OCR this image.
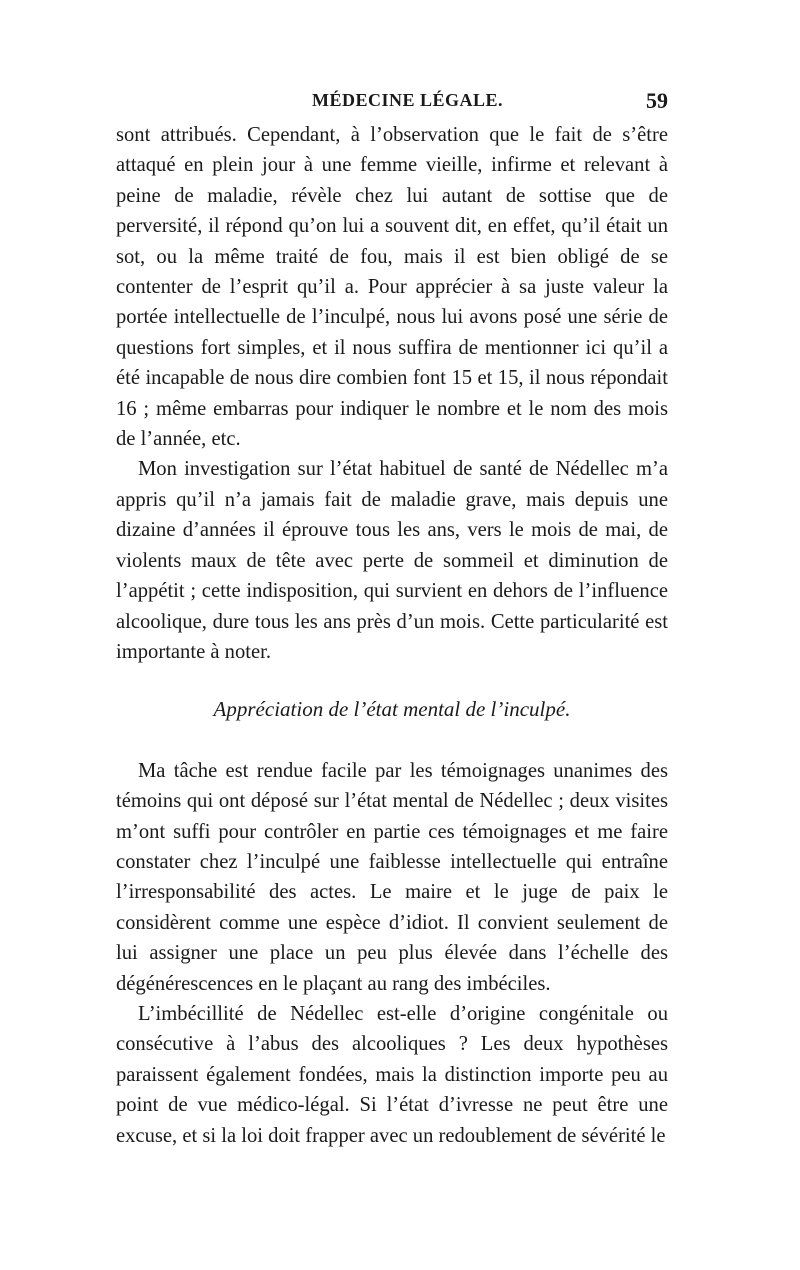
MÉDECINE LÉGALE.	59

sont attribués. Cependant, à l’observation que le fait de s’être attaqué en plein jour à une femme vieille, infirme et relevant à peine de maladie, révèle chez lui autant de sottise que de perversité, il répond qu’on lui a souvent dit, en effet, qu’il était un sot, ou la même traité de fou, mais il est bien obligé de se contenter de l’esprit qu’il a. Pour apprécier à sa juste valeur la portée intellectuelle de l’inculpé, nous lui avons posé une série de questions fort simples, et il nous suffira de mentionner ici qu’il a été incapable de nous dire combien font 15 et 15, il nous répondait 16 ; même embarras pour indiquer le nombre et le nom des mois de l’année, etc.

Mon investigation sur l’état habituel de santé de Nédellec m’a appris qu’il n’a jamais fait de maladie grave, mais depuis une dizaine d’années il éprouve tous les ans, vers le mois de mai, de violents maux de tête avec perte de sommeil et diminution de l’appétit ; cette indisposition, qui survient en dehors de l’influence alcoolique, dure tous les ans près d’un mois. Cette particularité est importante à noter.

Appréciation de l’état mental de l’inculpé.

Ma tâche est rendue facile par les témoignages unanimes des témoins qui ont déposé sur l’état mental de Nédellec ; deux visites m’ont suffi pour contrôler en partie ces témoignages et me faire constater chez l’inculpé une faiblesse intellectuelle qui entraîne l’irresponsabilité des actes. Le maire et le juge de paix le considèrent comme une espèce d’idiot. Il convient seulement de lui assigner une place un peu plus élevée dans l’échelle des dégénérescences en le plaçant au rang des imbéciles.

L’imbécillité de Nédellec est-elle d’origine congénitale ou consécutive à l’abus des alcooliques ? Les deux hypothèses paraissent également fondées, mais la distinction importe peu au point de vue médico-légal. Si l’état d’ivresse ne peut être une excuse, et si la loi doit frapper avec un redoublement de sévérité le
